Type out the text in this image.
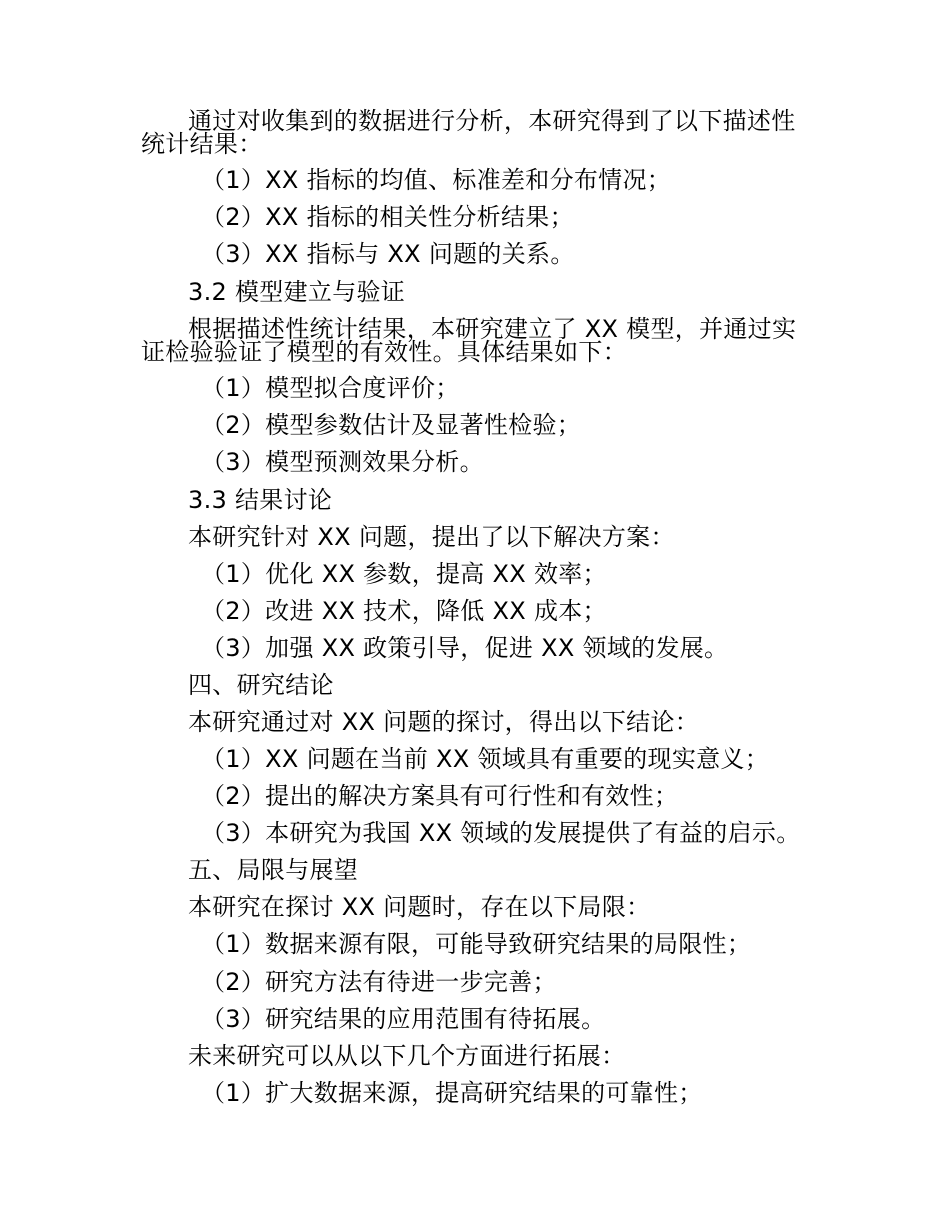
通过对收集到的数据进行分析，本研究得到了以下描述性
统计结果：
（1）XX 指标的均值、标准差和分布情况；
（2）XX 指标的相关性分析结果；
（3）XX 指标与 XX 问题的关系。
3.2 模型建立与验证
根据描述性统计结果，本研究建立了 XX 模型，并通过实
证检验验证了模型的有效性。具体结果如下：
（1）模型拟合度评价；
（2）模型参数估计及显著性检验；
（3）模型预测效果分析。
3.3 结果讨论
本研究针对 XX 问题，提出了以下解决方案：
（1）优化 XX 参数，提高 XX 效率；
（2）改进 XX 技术，降低 XX 成本；
（3）加强 XX 政策引导，促进 XX 领域的发展。
四、研究结论
本研究通过对 XX 问题的探讨，得出以下结论：
（1）XX 问题在当前 XX 领域具有重要的现实意义；
（2）提出的解决方案具有可行性和有效性；
（3）本研究为我国 XX 领域的发展提供了有益的启示。
五、局限与展望
本研究在探讨 XX 问题时，存在以下局限：
（1）数据来源有限，可能导致研究结果的局限性；
（2）研究方法有待进一步完善；
（3）研究结果的应用范围有待拓展。
未来研究可以从以下几个方面进行拓展：
（1）扩大数据来源，提高研究结果的可靠性；
